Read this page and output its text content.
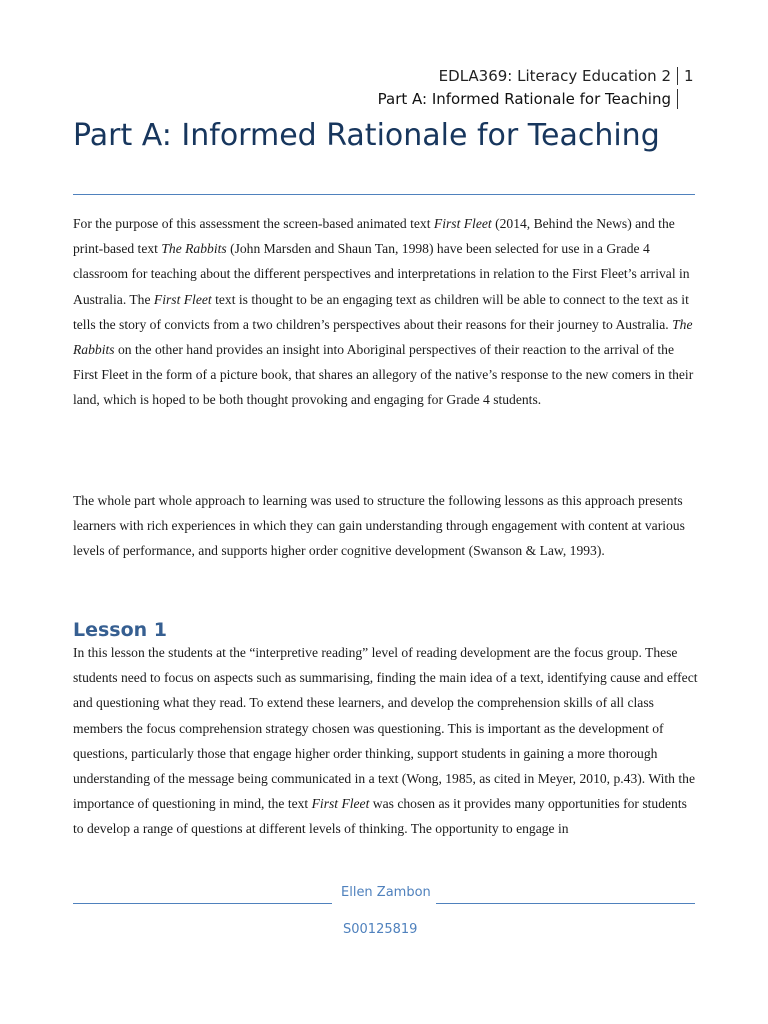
EDLA369: Literacy Education 2 1
Part A: Informed Rationale for Teaching
Part A: Informed Rationale for Teaching

For the purpose of this assessment the screen-based animated text First Fleet (2014, Behind the News) and the print-based text The Rabbits (John Marsden and Shaun Tan, 1998) have been selected for use in a Grade 4 classroom for teaching about the different perspectives and interpretations in relation to the First Fleet’s arrival in Australia. The First Fleet text is thought to be an engaging text as children will be able to connect to the text as it tells the story of convicts from a two children’s perspectives about their reasons for their journey to Australia. The Rabbits on the other hand provides an insight into Aboriginal perspectives of their reaction to the arrival of the First Fleet in the form of a picture book, that shares an allegory of the native’s response to the new comers in their land, which is hoped to be both thought provoking and engaging for Grade 4 students.

The whole part whole approach to learning was used to structure the following lessons as this approach presents learners with rich experiences in which they can gain understanding through engagement with content at various levels of performance, and supports higher order cognitive development (Swanson & Law, 1993).

Lesson 1

In this lesson the students at the “interpretive reading” level of reading development are the focus group. These students need to focus on aspects such as summarising, finding the main idea of a text, identifying cause and effect and questioning what they read. To extend these learners, and develop the comprehension skills of all class members the focus comprehension strategy chosen was questioning. This is important as the development of questions, particularly those that engage higher order thinking, support students in gaining a more thorough understanding of the message being communicated in a text (Wong, 1985, as cited in Meyer, 2010, p.43). With the importance of questioning in mind, the text First Fleet was chosen as it provides many opportunities for students to develop a range of questions at different levels of thinking. The opportunity to engage in

Ellen Zambon
S00125819
